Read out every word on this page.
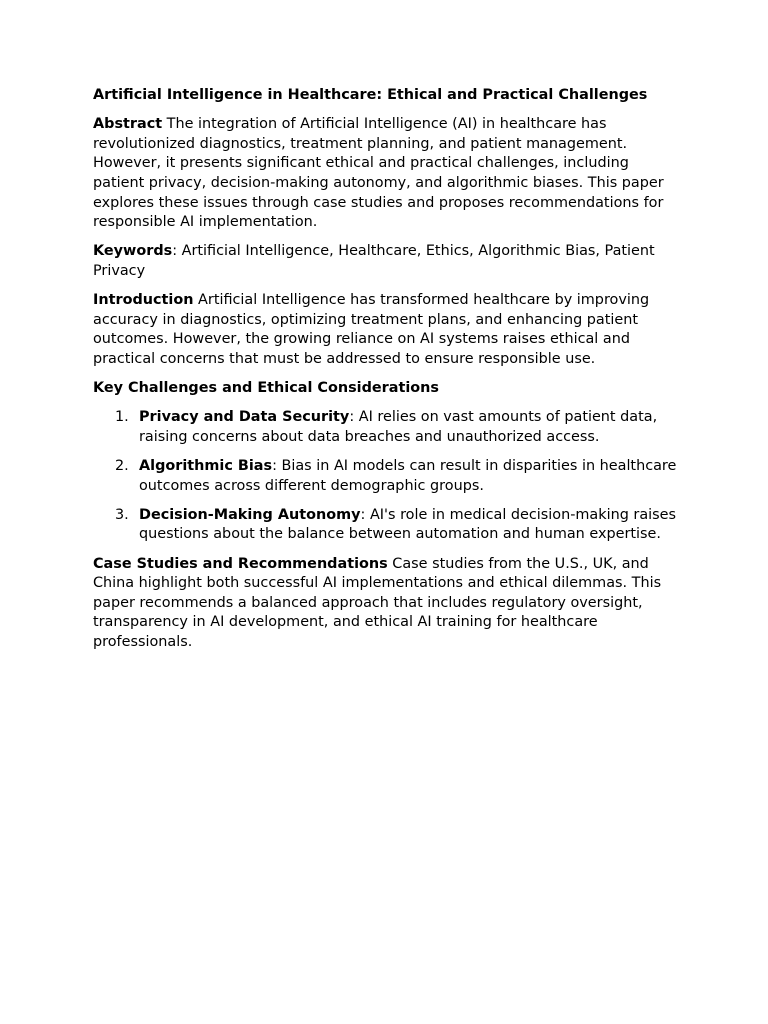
Artificial Intelligence in Healthcare: Ethical and Practical Challenges

Abstract The integration of Artificial Intelligence (AI) in healthcare has revolutionized diagnostics, treatment planning, and patient management. However, it presents significant ethical and practical challenges, including patient privacy, decision-making autonomy, and algorithmic biases. This paper explores these issues through case studies and proposes recommendations for responsible AI implementation.

Keywords: Artificial Intelligence, Healthcare, Ethics, Algorithmic Bias, Patient Privacy

Introduction Artificial Intelligence has transformed healthcare by improving accuracy in diagnostics, optimizing treatment plans, and enhancing patient outcomes. However, the growing reliance on AI systems raises ethical and practical concerns that must be addressed to ensure responsible use.

Key Challenges and Ethical Considerations

1. Privacy and Data Security: AI relies on vast amounts of patient data, raising concerns about data breaches and unauthorized access.
2. Algorithmic Bias: Bias in AI models can result in disparities in healthcare outcomes across different demographic groups.
3. Decision-Making Autonomy: AI's role in medical decision-making raises questions about the balance between automation and human expertise.

Case Studies and Recommendations Case studies from the U.S., UK, and China highlight both successful AI implementations and ethical dilemmas. This paper recommends a balanced approach that includes regulatory oversight, transparency in AI development, and ethical AI training for healthcare professionals.
